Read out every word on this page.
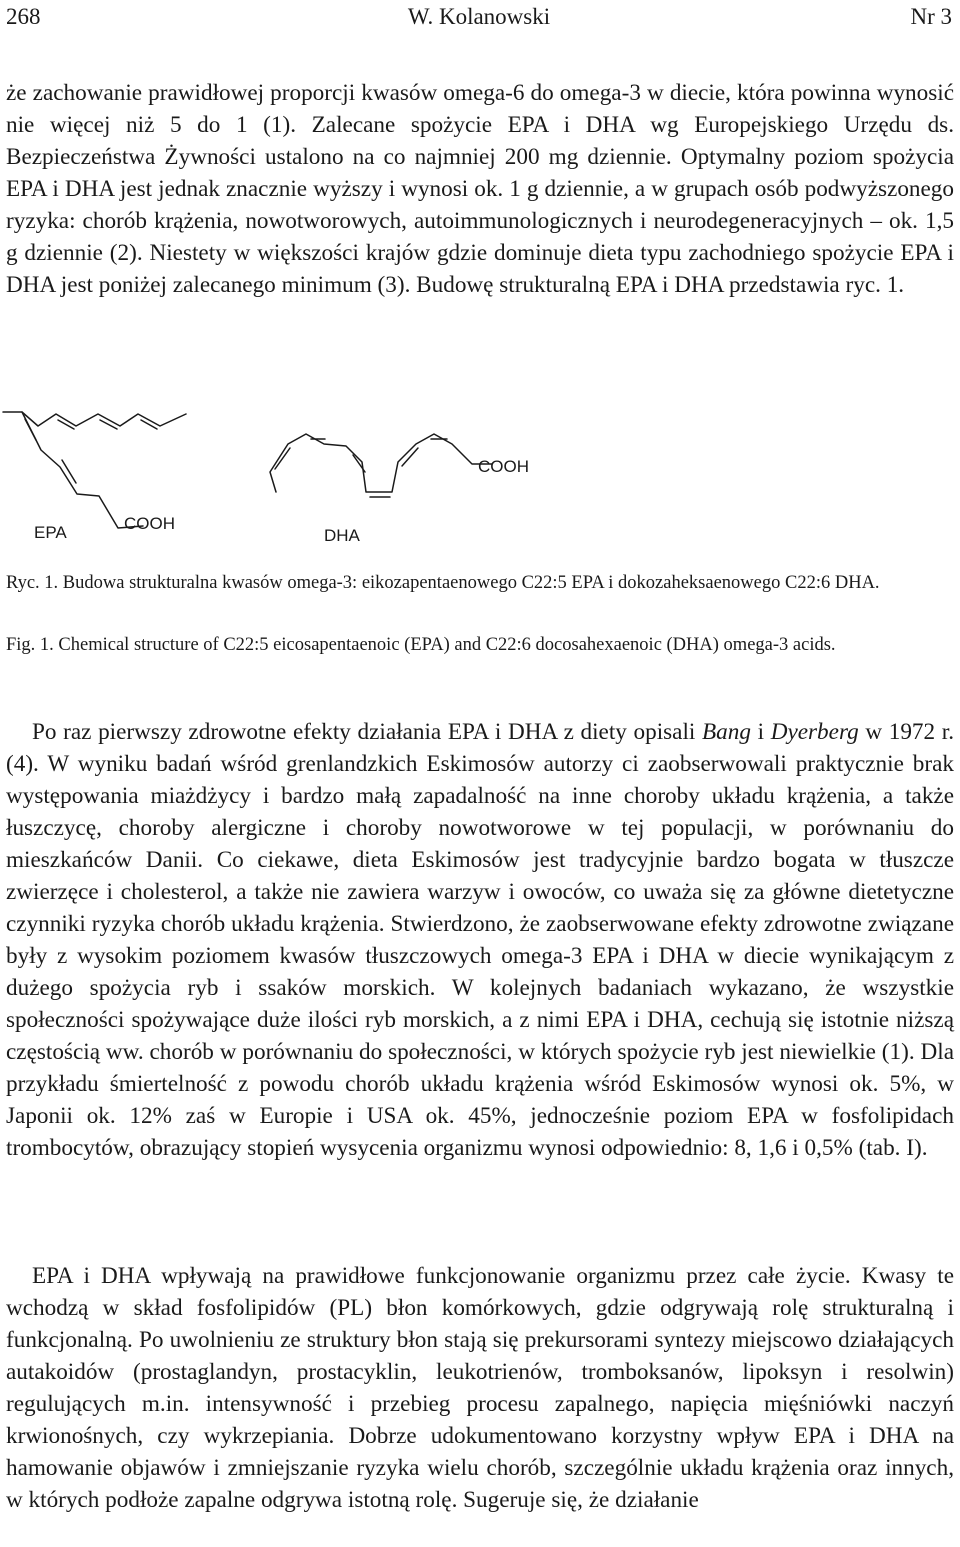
268	W. Kolanowski	Nr 3

że zachowanie prawidłowej proporcji kwasów omega-6 do omega-3 w diecie, która powinna wynosić nie więcej niż 5 do 1 (1). Zalecane spożycie EPA i DHA wg Europejskiego Urzędu ds. Bezpieczeństwa Żywności ustalono na co najmniej 200 mg dziennie. Optymalny poziom spożycia EPA i DHA jest jednak znacznie wyższy i wynosi ok. 1 g dziennie, a w grupach osób podwyższonego ryzyka: chorób krążenia, nowotworowych, autoimmunologicznych i neurodegeneracyjnych – ok. 1,5 g dziennie (2). Niestety w większości krajów gdzie dominuje dieta typu zachodniego spożycie EPA i DHA jest poniżej zalecanego minimum (3). Budowę strukturalną EPA i DHA przedstawia ryc. 1.

EPA	COOH
DHA
COOH

Ryc. 1. Budowa strukturalna kwasów omega-3: eikozapentaenowego C22:5 EPA i dokozaheksaenowego C22:6 DHA.

Fig. 1. Chemical structure of C22:5 eicosapentaenoic (EPA) and C22:6 docosahexaenoic (DHA) omega-3 acids.

Po raz pierwszy zdrowotne efekty działania EPA i DHA z diety opisali Bang i Dyerberg w 1972 r. (4). W wyniku badań wśród grenlandzkich Eskimosów autorzy ci zaobserwowali praktycznie brak występowania miażdżycy i bardzo małą zapadalność na inne choroby układu krążenia, a także łuszczycę, choroby alergiczne i choroby nowotworowe w tej populacji, w porównaniu do mieszkańców Danii. Co ciekawe, dieta Eskimosów jest tradycyjnie bardzo bogata w tłuszcze zwierzęce i cholesterol, a także nie zawiera warzyw i owoców, co uważa się za główne dietetyczne czynniki ryzyka chorób układu krążenia. Stwierdzono, że zaobserwowane efekty zdrowotne związane były z wysokim poziomem kwasów tłuszczowych omega-3 EPA i DHA w diecie wynikającym z dużego spożycia ryb i ssaków morskich. W kolejnych badaniach wykazano, że wszystkie społeczności spożywające duże ilości ryb morskich, a z nimi EPA i DHA, cechują się istotnie niższą częstością ww. chorób w porównaniu do społeczności, w których spożycie ryb jest niewielkie (1). Dla przykładu śmiertelność z powodu chorób układu krążenia wśród Eskimosów wynosi ok. 5%, w Japonii ok. 12% zaś w Europie i USA ok. 45%, jednocześnie poziom EPA w fosfolipidach trombocytów, obrazujący stopień wysycenia organizmu wynosi odpowiednio: 8, 1,6 i 0,5% (tab. I).

EPA i DHA wpływają na prawidłowe funkcjonowanie organizmu przez całe życie. Kwasy te wchodzą w skład fosfolipidów (PL) błon komórkowych, gdzie odgrywają rolę strukturalną i funkcjonalną. Po uwolnieniu ze struktury błon stają się prekursorami syntezy miejscowo działających autakoidów (prostaglandyn, prostacyklin, leukotrienów, tromboksanów, lipoksyn i resolwin) regulujących m.in. intensywność i przebieg procesu zapalnego, napięcia mięśniówki naczyń krwionośnych, czy wykrzepiania. Dobrze udokumentowano korzystny wpływ EPA i DHA na hamowanie objawów i zmniejszanie ryzyka wielu chorób, szczególnie układu krążenia oraz innych, w których podłoże zapalne odgrywa istotną rolę. Sugeruje się, że działanie
